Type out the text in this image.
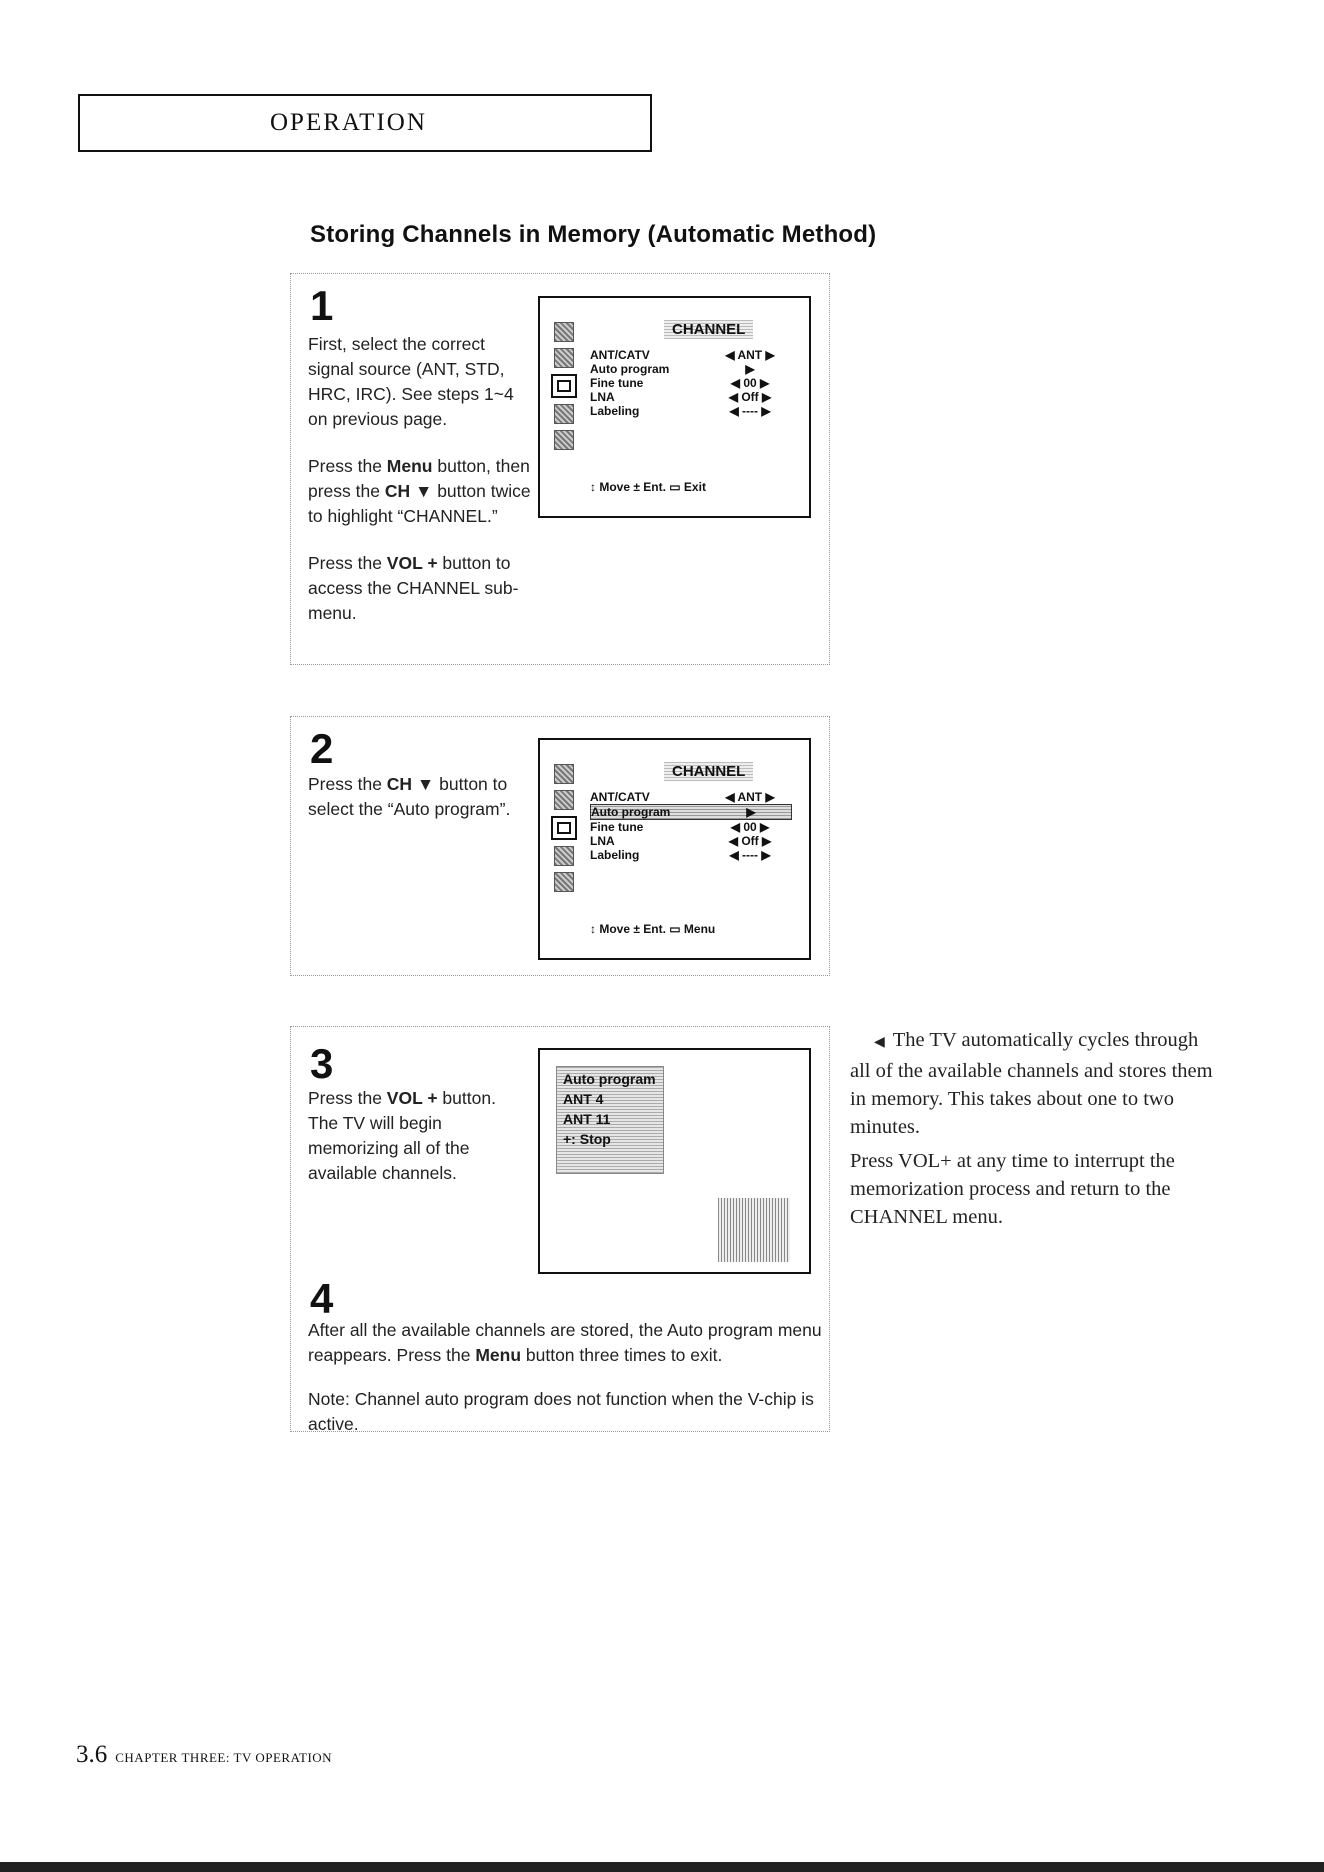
OPERATION
Storing Channels in Memory (Automatic Method)
1
First, select the correct signal source (ANT, STD, HRC, IRC). See steps 1~4 on previous page.
Press the Menu button, then press the CH ▼ button twice to highlight “CHANNEL.”
Press the VOL + button to access the CHANNEL sub-menu.
CHANNEL
ANT/CATV	◀ ANT ▶
Auto program	▶
Fine tune	◀ 00 ▶
LNA	◀ Off ▶
Labeling	◀ ---- ▶
↕ Move ± Ent. ▭ Exit
2
Press the CH ▼ button to select the “Auto program”.
CHANNEL
ANT/CATV	◀ ANT ▶
Auto program	▶
Fine tune	◀ 00 ▶
LNA	◀ Off ▶
Labeling	◀ ---- ▶
↕ Move ± Ent. ▭ Menu
3
Press the VOL + button. The TV will begin memorizing all of the available channels.
Auto program
ANT 4
ANT 11
+: Stop
4
After all the available channels are stored, the Auto program menu reappears. Press the Menu button three times to exit.
Note: Channel auto program does not function when the V-chip is active.
◀ The TV automatically cycles through all of the available channels and stores them in memory. This takes about one to two minutes.
Press VOL+ at any time to interrupt the memorization process and return to the CHANNEL menu.
3.6 CHAPTER THREE: TV OPERATION
